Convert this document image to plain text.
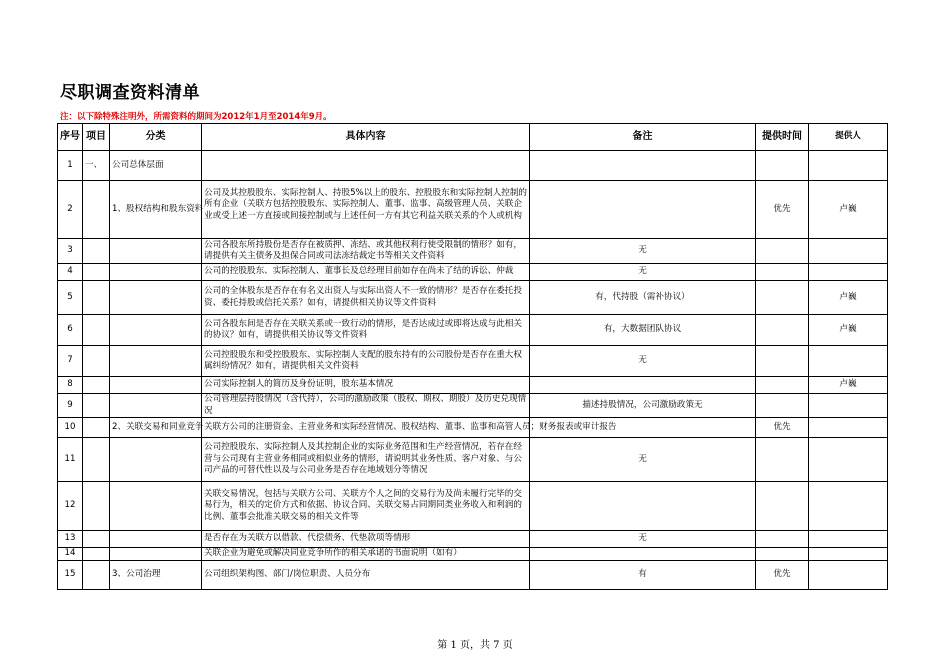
尽职调查资料清单
注：以下除特殊注明外，所需资料的期间为2012年1月至2014年9月。
序号	项目	分类	具体内容	备注	提供时间	提供人
1	一、	公司总体层面				
2		1、股权结构和股东资料	公司及其控股股东、实际控制人、持股5%以上的股东、控股股东和实际控制人控制的所有企业（关联方包括控股股东、实际控制人、董事、监事、高级管理人员、关联企业或受上述一方直接或间接控制或与上述任何一方有其它利益关联关系的个人或机构		优先	卢巍
3			公司各股东所持股份是否存在被质押、冻结、或其他权利行使受限制的情形？如有，请提供有关主债务及担保合同或司法冻结裁定书等相关文件资料	无		
4			公司的控股股东、实际控制人、董事长及总经理目前如存在尚未了结的诉讼、仲裁	无		
5			公司的全体股东是否存在有名义出资人与实际出资人不一致的情形？是否存在委托投资、委托持股或信托关系？如有，请提供相关协议等文件资料	有，代持股（需补协议）		卢巍
6			公司各股东间是否存在关联关系或一致行动的情形，是否达成过或即将达成与此相关的协议？如有，请提供相关协议等文件资料	有，大数据团队协议		卢巍
7			公司控股股东和受控股股东、实际控制人支配的股东持有的公司股份是否存在重大权属纠纷情况？如有，请提供相关文件资料	无		
8			公司实际控制人的简历及身份证明，股东基本情况			卢巍
9			公司管理层持股情况（含代持），公司的激励政策（股权、期权、期股）及历史兑现情况	描述持股情况，公司激励政策无		
10		2、关联交易和同业竞争	关联方公司的注册资金、主营业务和实际经营情况、股权结构、董事、监事和高管人员；财务报表或审计报告		优先	
11			公司控股股东、实际控制人及其控制企业的实际业务范围和生产经营情况，若存在经营与公司现有主营业务相同或相似业务的情形，请说明其业务性质、客户对象、与公司产品的可替代性以及与公司业务是否存在地域划分等情况	无		
12			关联交易情况，包括与关联方公司、关联方个人之间的交易行为及尚未履行完毕的交易行为，相关的定价方式和依据、协议合同、关联交易占同期同类业务收入和利润的比例、董事会批准关联交易的相关文件等			
13			是否存在为关联方以借款、代偿债务、代垫款项等情形	无		
14			关联企业为避免或解决同业竞争所作的相关承诺的书面说明（如有）			
15		3、公司治理	公司组织架构图、部门/岗位职责、人员分布	有	优先	
第 1 页，共 7 页
